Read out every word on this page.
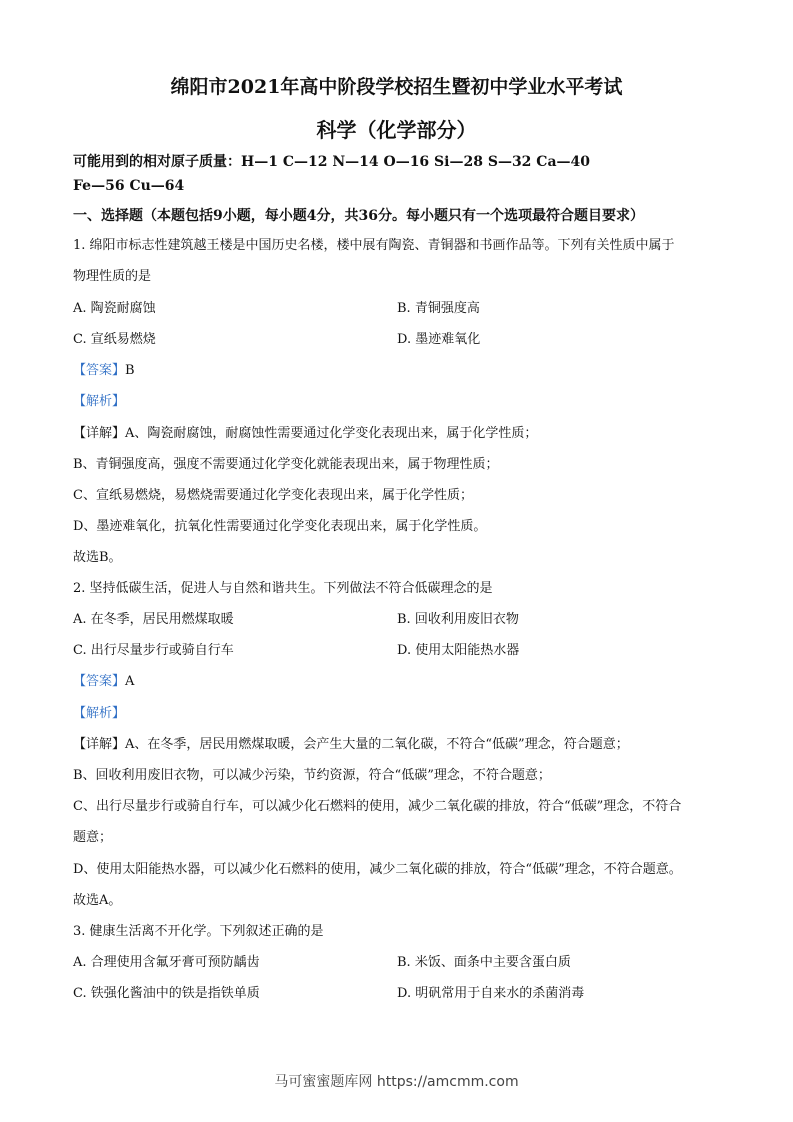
绵阳市2021年高中阶段学校招生暨初中学业水平考试
科学（化学部分）
可能用到的相对原子质量：H—1 C—12 N—14 O—16 Si—28 S—32 Ca—40
Fe—56 Cu—64
一、选择题（本题包括9小题，每小题4分，共36分。每小题只有一个选项最符合题目要求）
1. 绵阳市标志性建筑越王楼是中国历史名楼，楼中展有陶瓷、青铜器和书画作品等。下列有关性质中属于
物理性质的是
A. 陶瓷耐腐蚀	B. 青铜强度高
C. 宣纸易燃烧	D. 墨迹难氧化
【答案】B
【解析】
【详解】A、陶瓷耐腐蚀，耐腐蚀性需要通过化学变化表现出来，属于化学性质；
B、青铜强度高，强度不需要通过化学变化就能表现出来，属于物理性质；
C、宣纸易燃烧，易燃烧需要通过化学变化表现出来，属于化学性质；
D、墨迹难氧化，抗氧化性需要通过化学变化表现出来，属于化学性质。
故选B。
2. 坚持低碳生活，促进人与自然和谐共生。下列做法不符合低碳理念的是
A. 在冬季，居民用燃煤取暖	B. 回收利用废旧衣物
C. 出行尽量步行或骑自行车	D. 使用太阳能热水器
【答案】A
【解析】
【详解】A、在冬季，居民用燃煤取暖，会产生大量的二氧化碳，不符合“低碳”理念，符合题意；
B、回收利用废旧衣物，可以减少污染，节约资源，符合“低碳”理念，不符合题意；
C、出行尽量步行或骑自行车，可以减少化石燃料的使用，减少二氧化碳的排放，符合“低碳”理念，不符合
题意；
D、使用太阳能热水器，可以减少化石燃料的使用，减少二氧化碳的排放，符合“低碳”理念，不符合题意。
故选A。
3. 健康生活离不开化学。下列叙述正确的是
A. 合理使用含氟牙膏可预防龋齿	B. 米饭、面条中主要含蛋白质
C. 铁强化酱油中的铁是指铁单质	D. 明矾常用于自来水的杀菌消毒
马可蜜蜜题库网 https://amcmm.com
